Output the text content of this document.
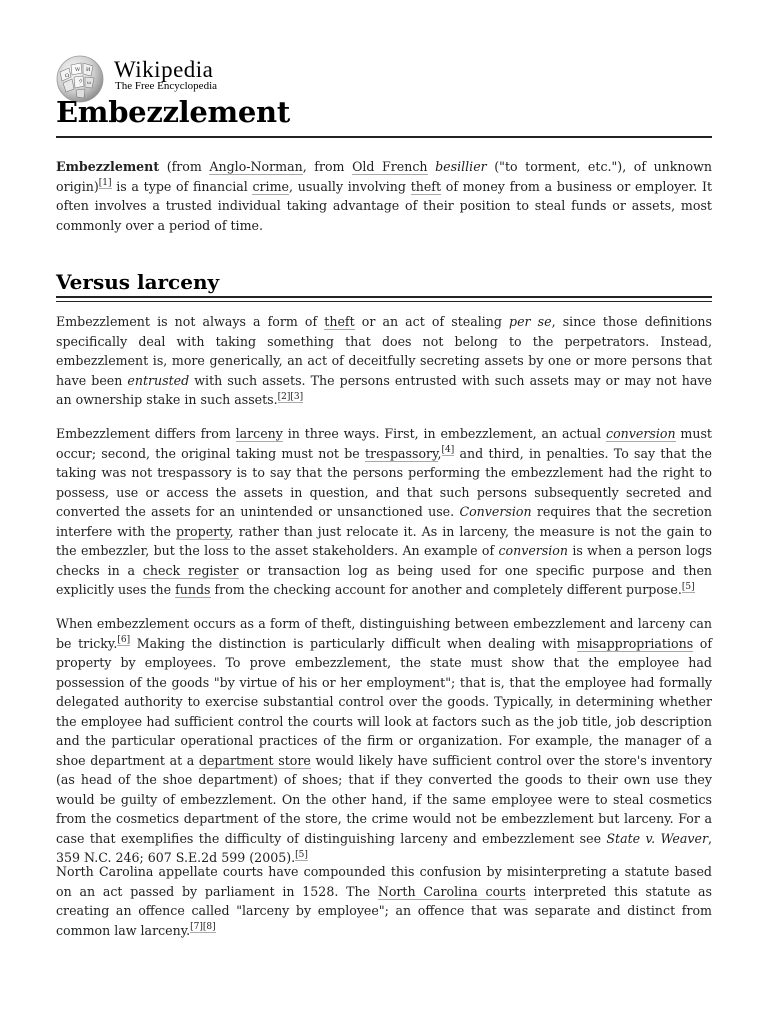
Ω
W И
ウ ω
Wikipedia
The Free Encyclopedia
Embezzlement

Embezzlement (from Anglo-Norman, from Old French besillier ("to torment, etc."), of unknown origin)[1] is a type of financial crime, usually involving theft of money from a business or employer. It often involves a trusted individual taking advantage of their position to steal funds or assets, most commonly over a period of time.

Versus larceny

Embezzlement is not always a form of theft or an act of stealing per se, since those definitions specifically deal with taking something that does not belong to the perpetrators. Instead, embezzlement is, more generically, an act of deceitfully secreting assets by one or more persons that have been entrusted with such assets. The persons entrusted with such assets may or may not have an ownership stake in such assets.[2][3]

Embezzlement differs from larceny in three ways. First, in embezzlement, an actual conversion must occur; second, the original taking must not be trespassory,[4] and third, in penalties. To say that the taking was not trespassory is to say that the persons performing the embezzlement had the right to possess, use or access the assets in question, and that such persons subsequently secreted and converted the assets for an unintended or unsanctioned use. Conversion requires that the secretion interfere with the property, rather than just relocate it. As in larceny, the measure is not the gain to the embezzler, but the loss to the asset stakeholders. An example of conversion is when a person logs checks in a check register or transaction log as being used for one specific purpose and then explicitly uses the funds from the checking account for another and completely different purpose.[5]

When embezzlement occurs as a form of theft, distinguishing between embezzlement and larceny can be tricky.[6] Making the distinction is particularly difficult when dealing with misappropriations of property by employees. To prove embezzlement, the state must show that the employee had possession of the goods "by virtue of his or her employment"; that is, that the employee had formally delegated authority to exercise substantial control over the goods. Typically, in determining whether the employee had sufficient control the courts will look at factors such as the job title, job description and the particular operational practices of the firm or organization. For example, the manager of a shoe department at a department store would likely have sufficient control over the store's inventory (as head of the shoe department) of shoes; that if they converted the goods to their own use they would be guilty of embezzlement. On the other hand, if the same employee were to steal cosmetics from the cosmetics department of the store, the crime would not be embezzlement but larceny. For a case that exemplifies the difficulty of distinguishing larceny and embezzlement see State v. Weaver, 359 N.C. 246; 607 S.E.2d 599 (2005).[5]

North Carolina appellate courts have compounded this confusion by misinterpreting a statute based on an act passed by parliament in 1528. The North Carolina courts interpreted this statute as creating an offence called "larceny by employee"; an offence that was separate and distinct from common law larceny.[7][8]
